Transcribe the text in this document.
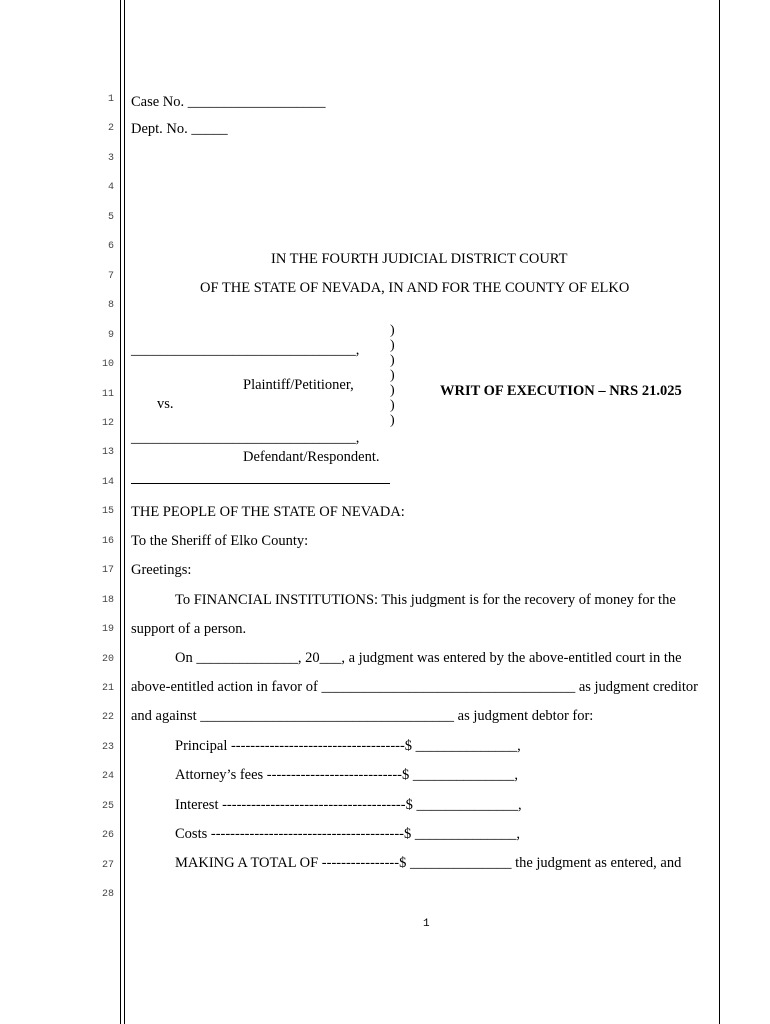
1
2
3
4
5
6
7
8
9
10
11
12
13
14
15
16
17
18
19
20
21
22
23
24
25
26
27
28
Case No. ___________________
Dept. No. _____
IN THE FOURTH JUDICIAL DISTRICT COURT
OF THE STATE OF NEVADA, IN AND FOR THE COUNTY OF ELKO
)
)
)
)
)
)
)
_______________________________,
Plaintiff/Petitioner,
vs.
WRIT OF EXECUTION – NRS 21.025
_______________________________,
Defendant/Respondent.
THE PEOPLE OF THE STATE OF NEVADA:
To the Sheriff of Elko County:
Greetings:
To FINANCIAL INSTITUTIONS: This judgment is for the recovery of money for the
support of a person.
On ______________, 20___, a judgment was entered by the above-entitled court in the
above-entitled action in favor of ___________________________________ as judgment creditor
and against ___________________________________ as judgment debtor for:
Principal ------------------------------------$ ______________,
Attorney’s fees ----------------------------$ ______________,
Interest --------------------------------------$ ______________,
Costs ----------------------------------------$ ______________,
MAKING A TOTAL OF ----------------$ ______________ the judgment as entered, and
1
